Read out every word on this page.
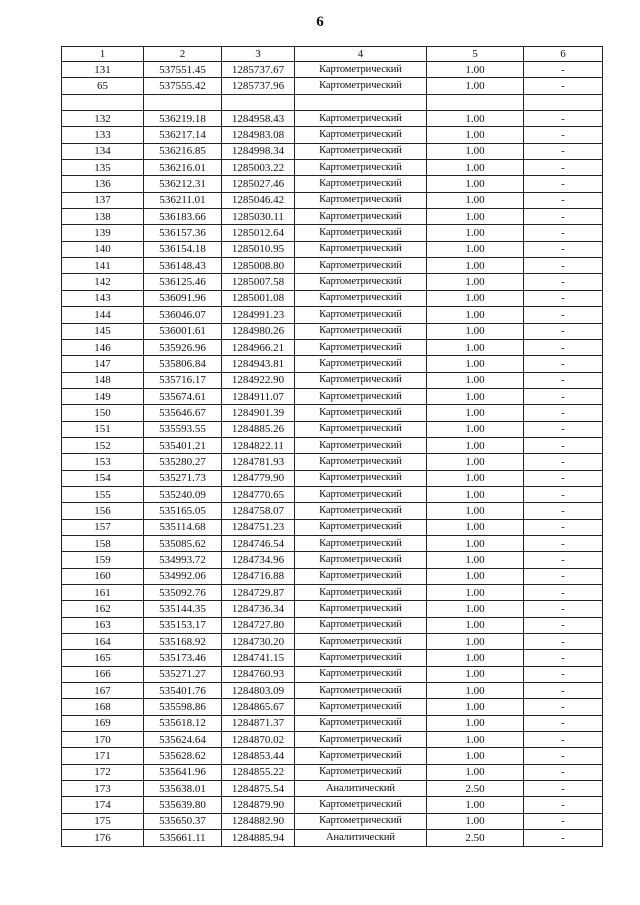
6
1	2	3	4	5	6
131	537551.45	1285737.67	Картометрический	1.00	-
65	537555.42	1285737.96	Картометрический	1.00	-

132	536219.18	1284958.43	Картометрический	1.00	-
133	536217.14	1284983.08	Картометрический	1.00	-
134	536216.85	1284998.34	Картометрический	1.00	-
135	536216.01	1285003.22	Картометрический	1.00	-
136	536212.31	1285027.46	Картометрический	1.00	-
137	536211.01	1285046.42	Картометрический	1.00	-
138	536183.66	1285030.11	Картометрический	1.00	-
139	536157.36	1285012.64	Картометрический	1.00	-
140	536154.18	1285010.95	Картометрический	1.00	-
141	536148.43	1285008.80	Картометрический	1.00	-
142	536125.46	1285007.58	Картометрический	1.00	-
143	536091.96	1285001.08	Картометрический	1.00	-
144	536046.07	1284991.23	Картометрический	1.00	-
145	536001.61	1284980.26	Картометрический	1.00	-
146	535926.96	1284966.21	Картометрический	1.00	-
147	535806.84	1284943.81	Картометрический	1.00	-
148	535716.17	1284922.90	Картометрический	1.00	-
149	535674.61	1284911.07	Картометрический	1.00	-
150	535646.67	1284901.39	Картометрический	1.00	-
151	535593.55	1284885.26	Картометрический	1.00	-
152	535401.21	1284822.11	Картометрический	1.00	-
153	535280.27	1284781.93	Картометрический	1.00	-
154	535271.73	1284779.90	Картометрический	1.00	-
155	535240.09	1284770.65	Картометрический	1.00	-
156	535165.05	1284758.07	Картометрический	1.00	-
157	535114.68	1284751.23	Картометрический	1.00	-
158	535085.62	1284746.54	Картометрический	1.00	-
159	534993.72	1284734.96	Картометрический	1.00	-
160	534992.06	1284716.88	Картометрический	1.00	-
161	535092.76	1284729.87	Картометрический	1.00	-
162	535144.35	1284736.34	Картометрический	1.00	-
163	535153.17	1284727.80	Картометрический	1.00	-
164	535168.92	1284730.20	Картометрический	1.00	-
165	535173.46	1284741.15	Картометрический	1.00	-
166	535271.27	1284760.93	Картометрический	1.00	-
167	535401.76	1284803.09	Картометрический	1.00	-
168	535598.86	1284865.67	Картометрический	1.00	-
169	535618.12	1284871.37	Картометрический	1.00	-
170	535624.64	1284870.02	Картометрический	1.00	-
171	535628.62	1284853.44	Картометрический	1.00	-
172	535641.96	1284855.22	Картометрический	1.00	-
173	535638.01	1284875.54	Аналитический	2.50	-
174	535639.80	1284879.90	Картометрический	1.00	-
175	535650.37	1284882.90	Картометрический	1.00	-
176	535661.11	1284885.94	Аналитический	2.50	-
